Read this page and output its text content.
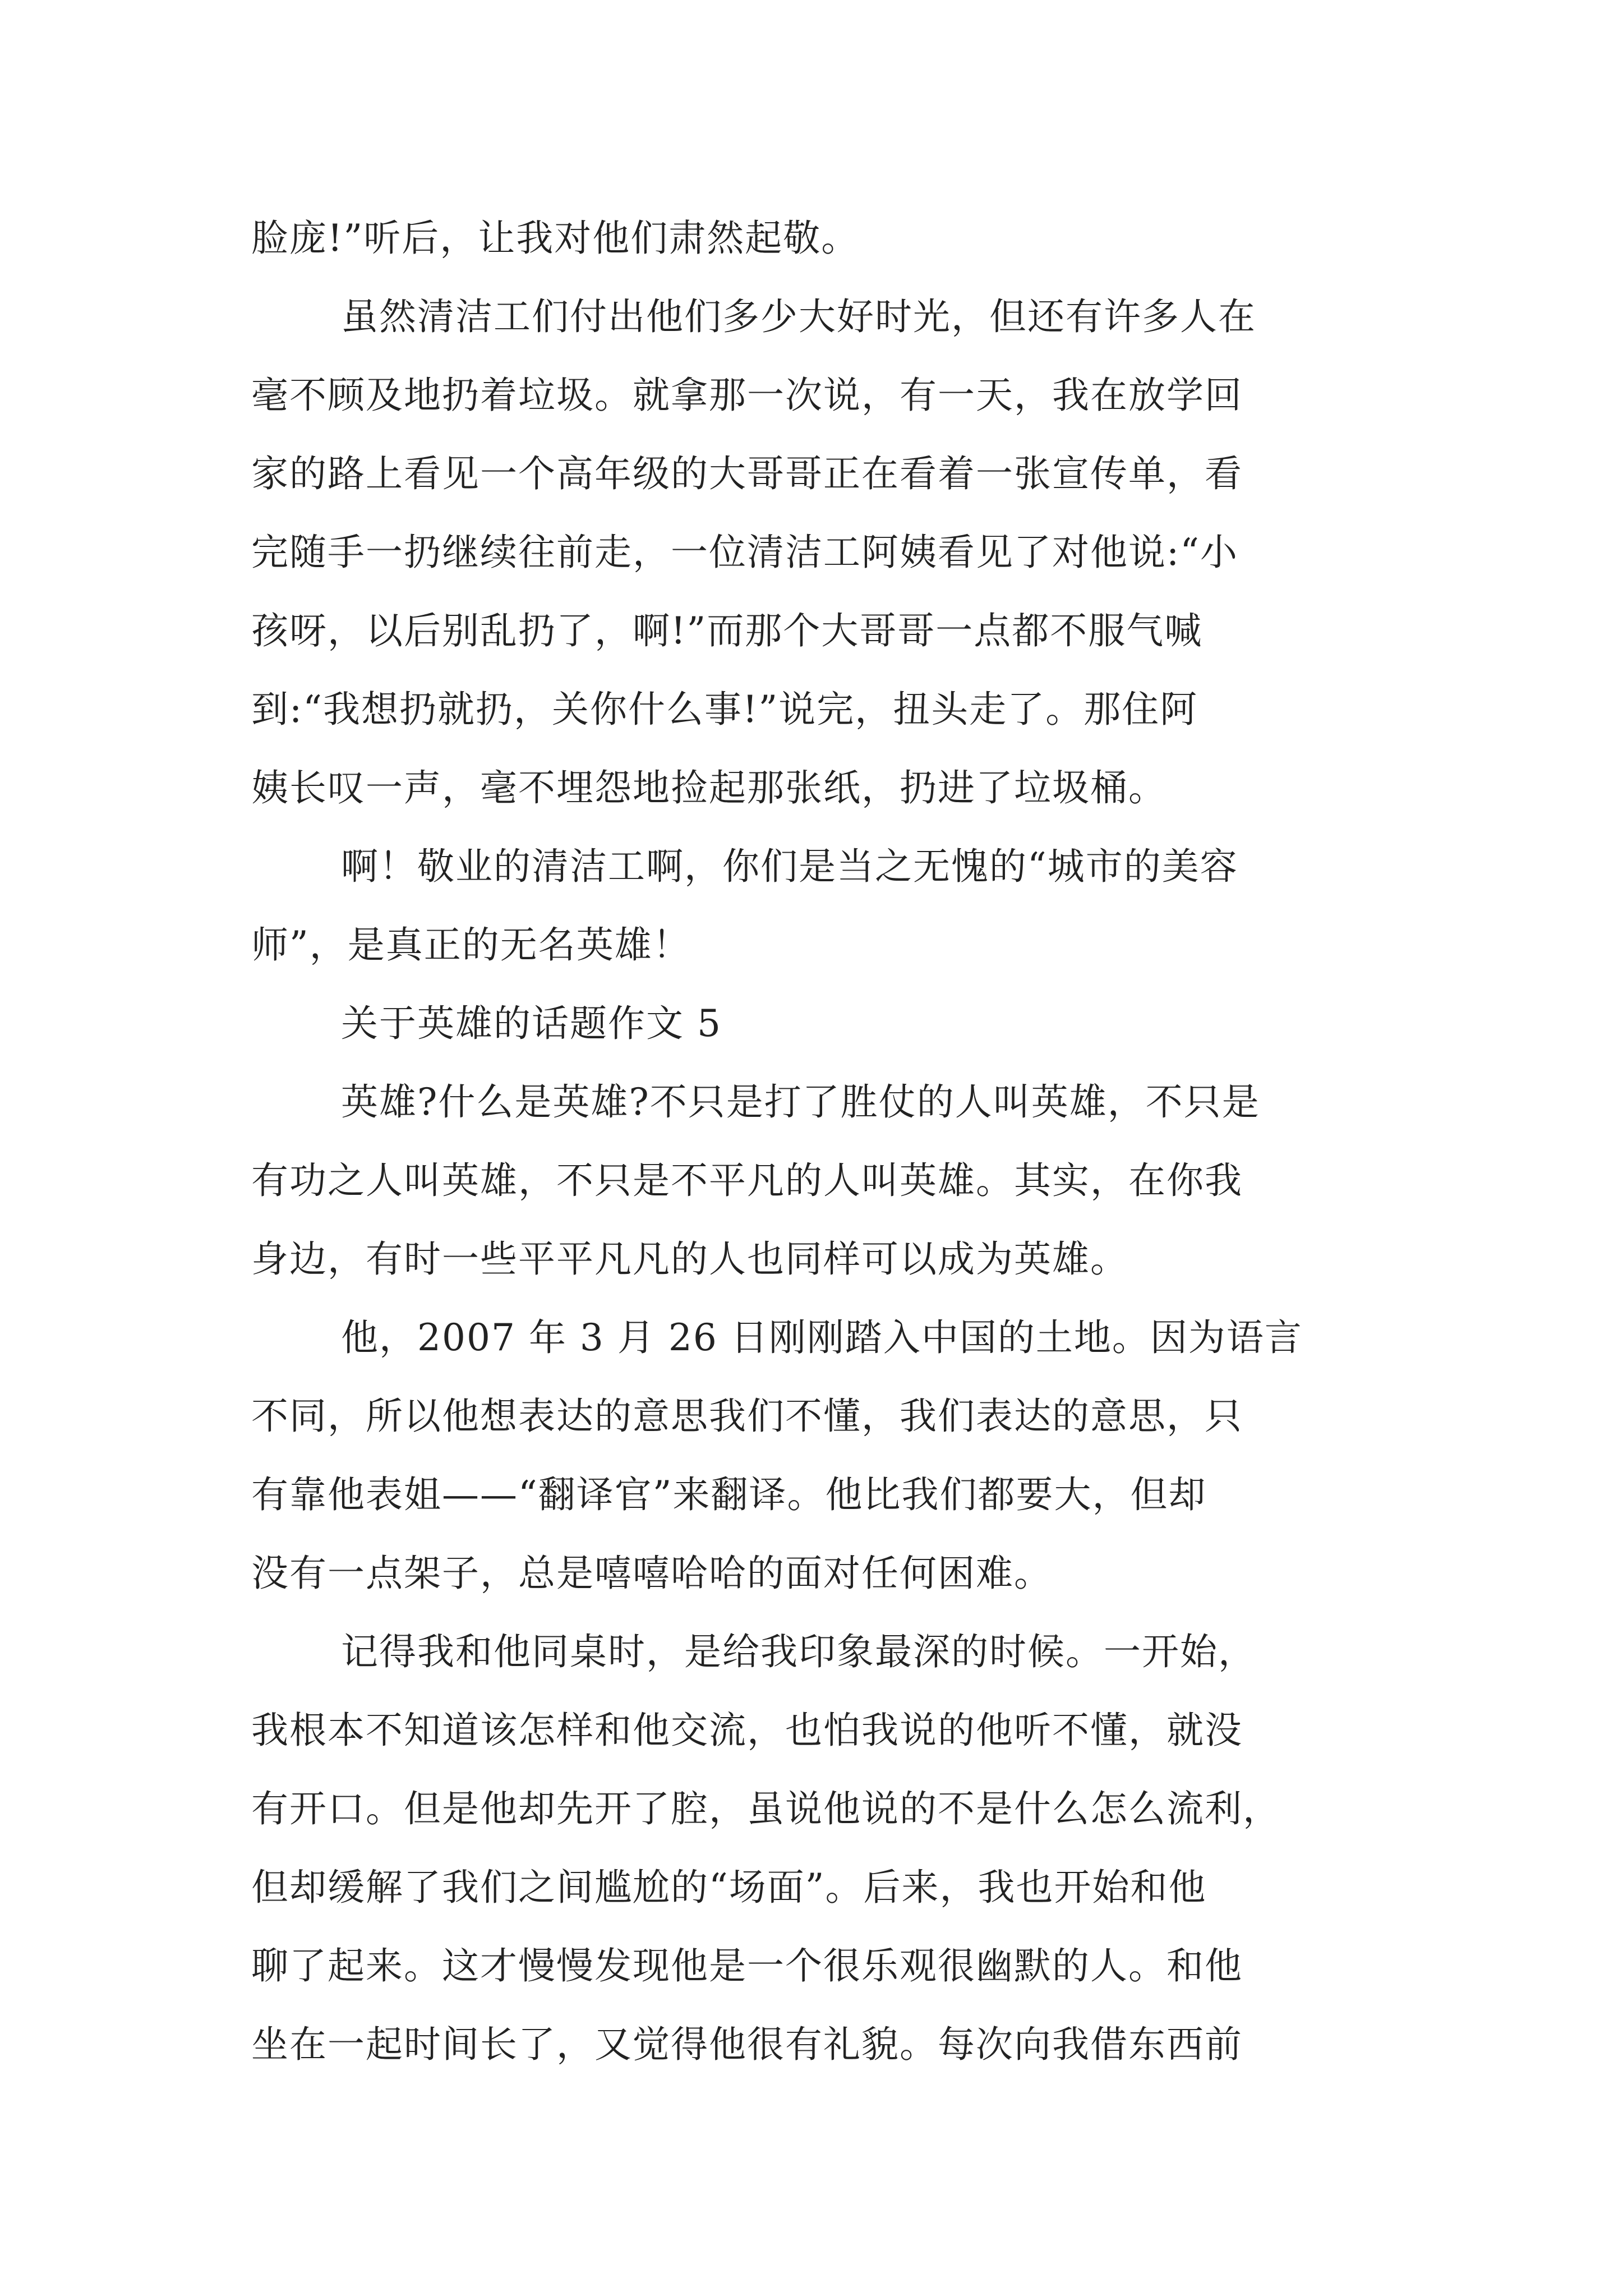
脸庞!”听后，让我对他们肃然起敬。
虽然清洁工们付出他们多少大好时光，但还有许多人在
毫不顾及地扔着垃圾。就拿那一次说，有一天，我在放学回
家的路上看见一个高年级的大哥哥正在看着一张宣传单，看
完随手一扔继续往前走，一位清洁工阿姨看见了对他说:“小
孩呀，以后别乱扔了，啊!”而那个大哥哥一点都不服气喊
到:“我想扔就扔，关你什么事!”说完，扭头走了。那住阿
姨长叹一声，毫不埋怨地捡起那张纸，扔进了垃圾桶。
啊！敬业的清洁工啊，你们是当之无愧的“城市的美容
师”，是真正的无名英雄！
关于英雄的话题作文 5
英雄?什么是英雄?不只是打了胜仗的人叫英雄，不只是
有功之人叫英雄，不只是不平凡的人叫英雄。其实，在你我
身边，有时一些平平凡凡的人也同样可以成为英雄。
他，2007 年 3 月 26 日刚刚踏入中国的土地。因为语言
不同，所以他想表达的意思我们不懂，我们表达的意思，只
有靠他表姐——“翻译官”来翻译。他比我们都要大，但却
没有一点架子，总是嘻嘻哈哈的面对任何困难。
记得我和他同桌时，是给我印象最深的时候。一开始，
我根本不知道该怎样和他交流，也怕我说的他听不懂，就没
有开口。但是他却先开了腔，虽说他说的不是什么怎么流利，
但却缓解了我们之间尴尬的“场面”。后来，我也开始和他
聊了起来。这才慢慢发现他是一个很乐观很幽默的人。和他
坐在一起时间长了，又觉得他很有礼貌。每次向我借东西前
